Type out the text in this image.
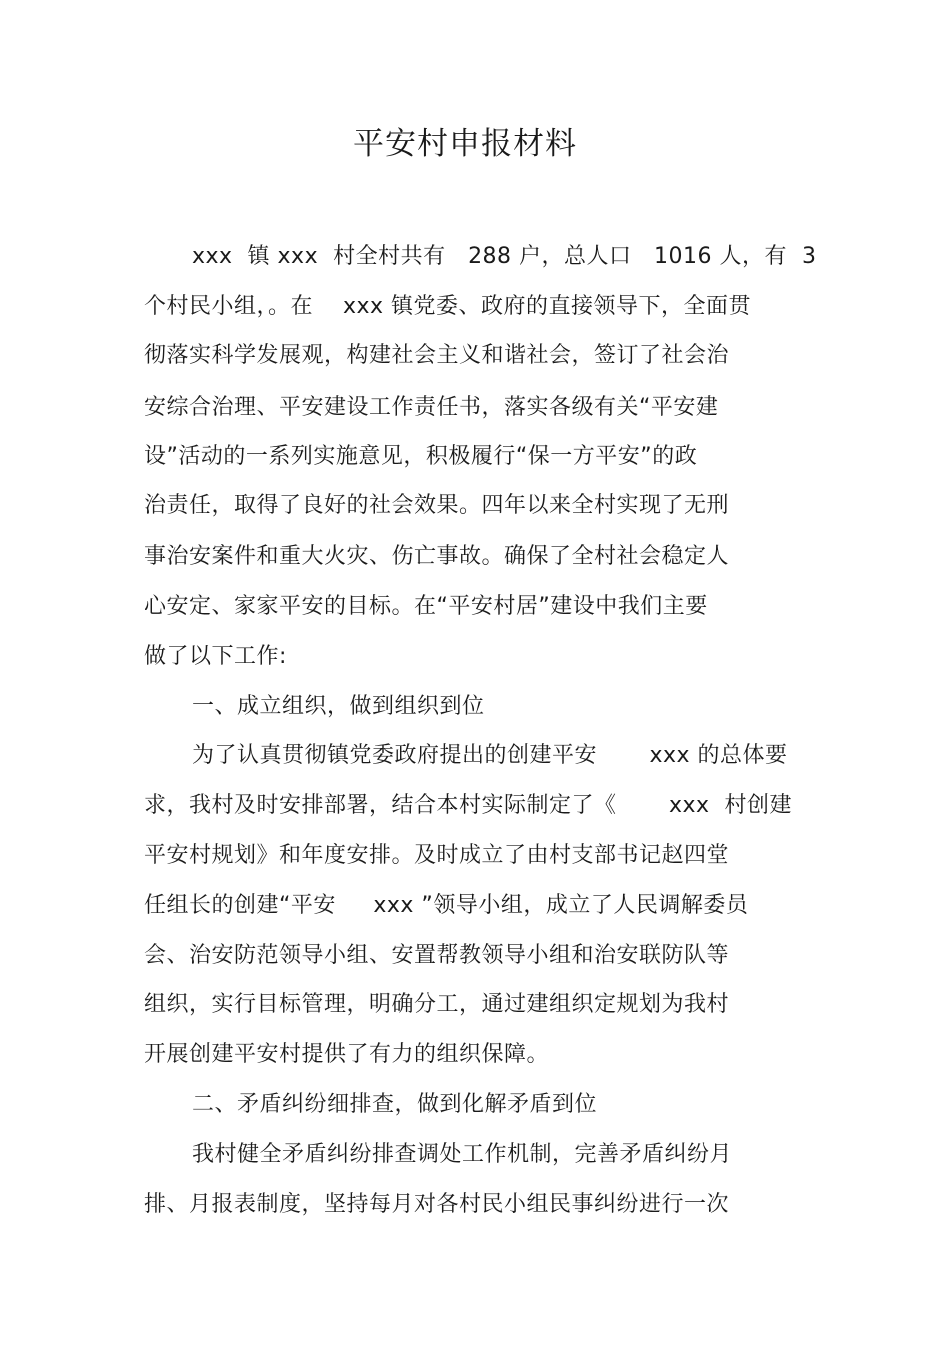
平安村申报材料
xxx  镇 xxx  村全村共有   288 户，总人口   1016 人，有  3
个村民小组，。在    xxx 镇党委、政府的直接领导下，全面贯
彻落实科学发展观，构建社会主义和谐社会，签订了社会治
安综合治理、平安建设工作责任书，落实各级有关“平安建
设”活动的一系列实施意见，积极履行“保一方平安”的政
治责任，取得了良好的社会效果。四年以来全村实现了无刑
事治安案件和重大火灾、伤亡事故。确保了全村社会稳定人
心安定、家家平安的目标。在“平安村居”建设中我们主要
做了以下工作:
一、成立组织，做到组织到位
为了认真贯彻镇党委政府提出的创建平安       xxx 的总体要
求，我村及时安排部署，结合本村实际制定了《       xxx  村创建
平安村规划》和年度安排。及时成立了由村支部书记赵四堂
任组长的创建“平安     xxx ”领导小组，成立了人民调解委员
会、治安防范领导小组、安置帮教领导小组和治安联防队等
组织，实行目标管理，明确分工，通过建组织定规划为我村
开展创建平安村提供了有力的组织保障。
二、矛盾纠纷细排查，做到化解矛盾到位
我村健全矛盾纠纷排查调处工作机制，完善矛盾纠纷月
排、月报表制度，坚持每月对各村民小组民事纠纷进行一次
